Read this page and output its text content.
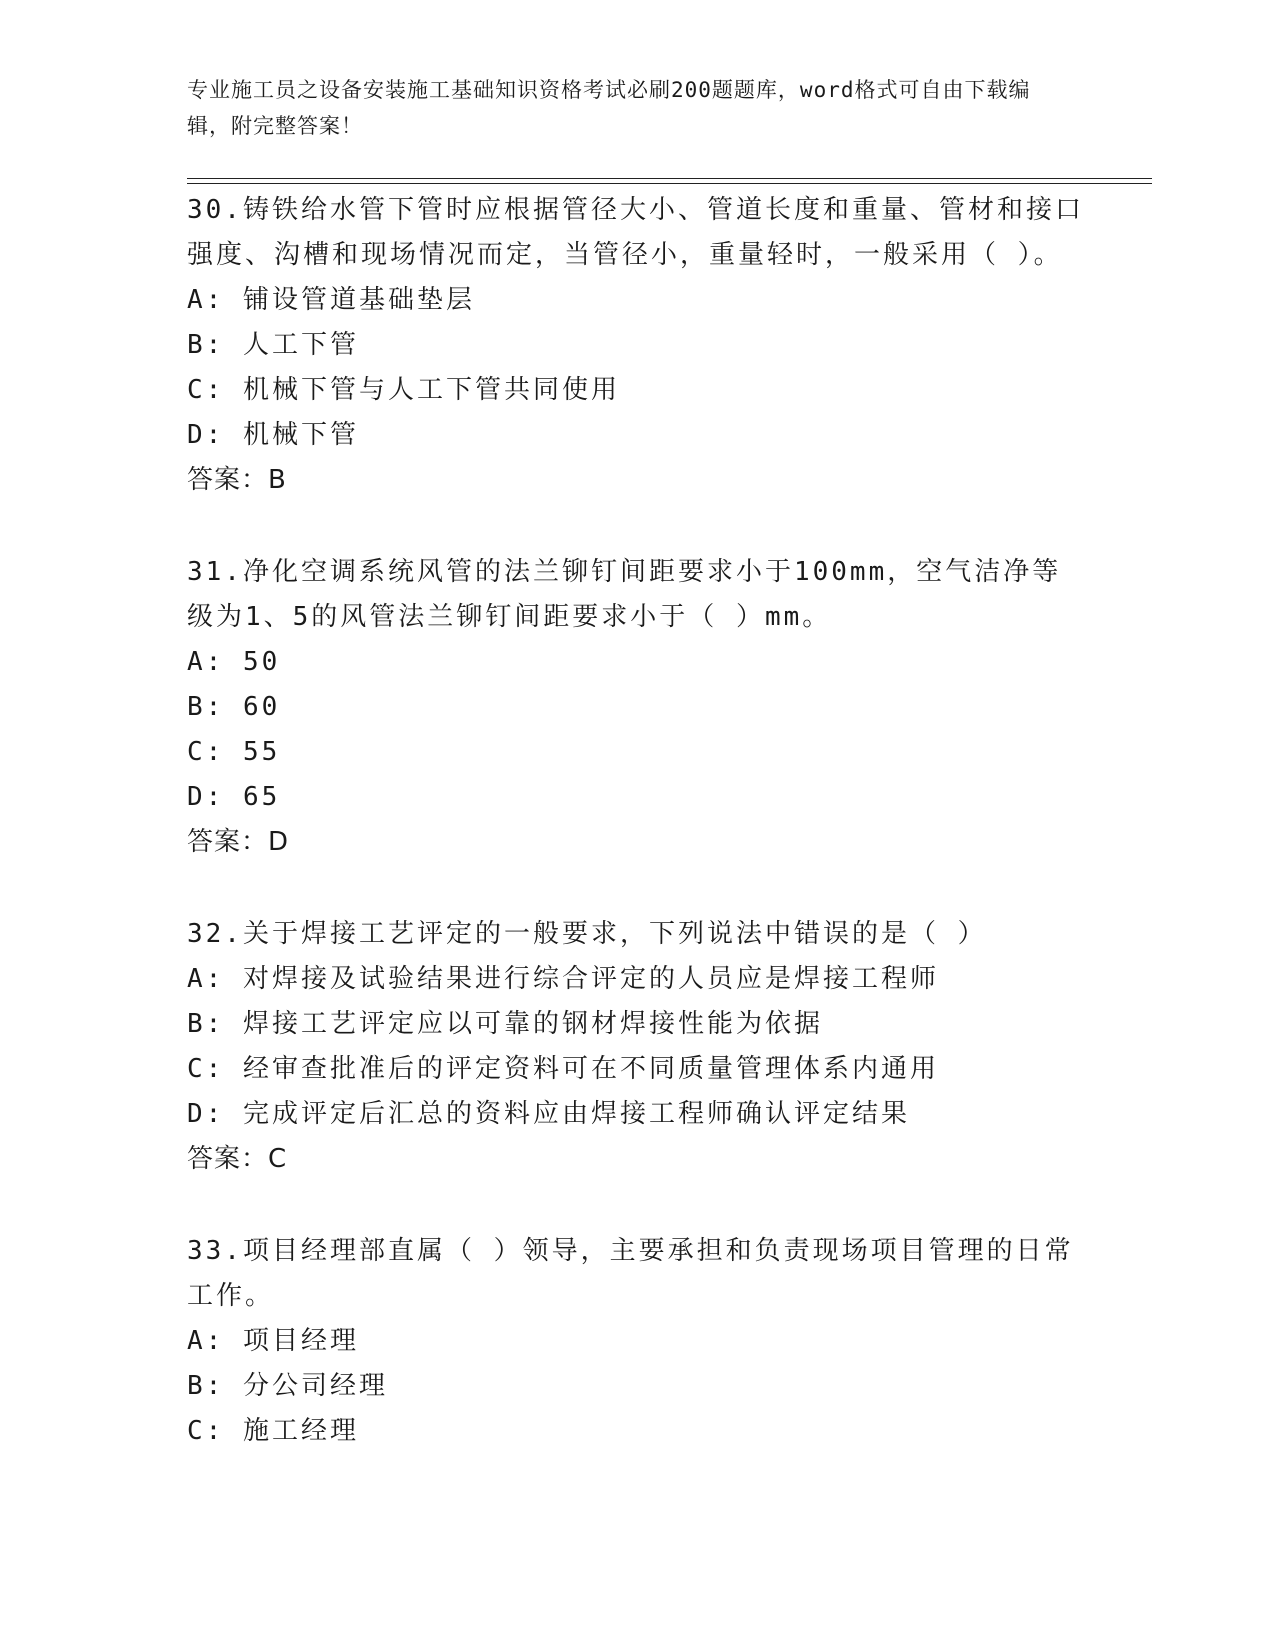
专业施工员之设备安装施工基础知识资格考试必刷200题题库，word格式可自由下载编辑，附完整答案！

30.铸铁给水管下管时应根据管径大小、管道长度和重量、管材和接口强度、沟槽和现场情况而定，当管径小，重量轻时，一般采用（ ）。

A: 铺设管道基础垫层

B: 人工下管

C: 机械下管与人工下管共同使用

D: 机械下管

答案：B

31.净化空调系统风管的法兰铆钉间距要求小于100mm，空气洁净等级为1、5的风管法兰铆钉间距要求小于（ ）mm。

A: 50

B: 60

C: 55

D: 65

答案：D

32.关于焊接工艺评定的一般要求，下列说法中错误的是（ ）

A: 对焊接及试验结果进行综合评定的人员应是焊接工程师

B: 焊接工艺评定应以可靠的钢材焊接性能为依据

C: 经审查批准后的评定资料可在不同质量管理体系内通用

D: 完成评定后汇总的资料应由焊接工程师确认评定结果

答案：C

33.项目经理部直属（ ）领导，主要承担和负责现场项目管理的日常工作。

A: 项目经理

B: 分公司经理

C: 施工经理
